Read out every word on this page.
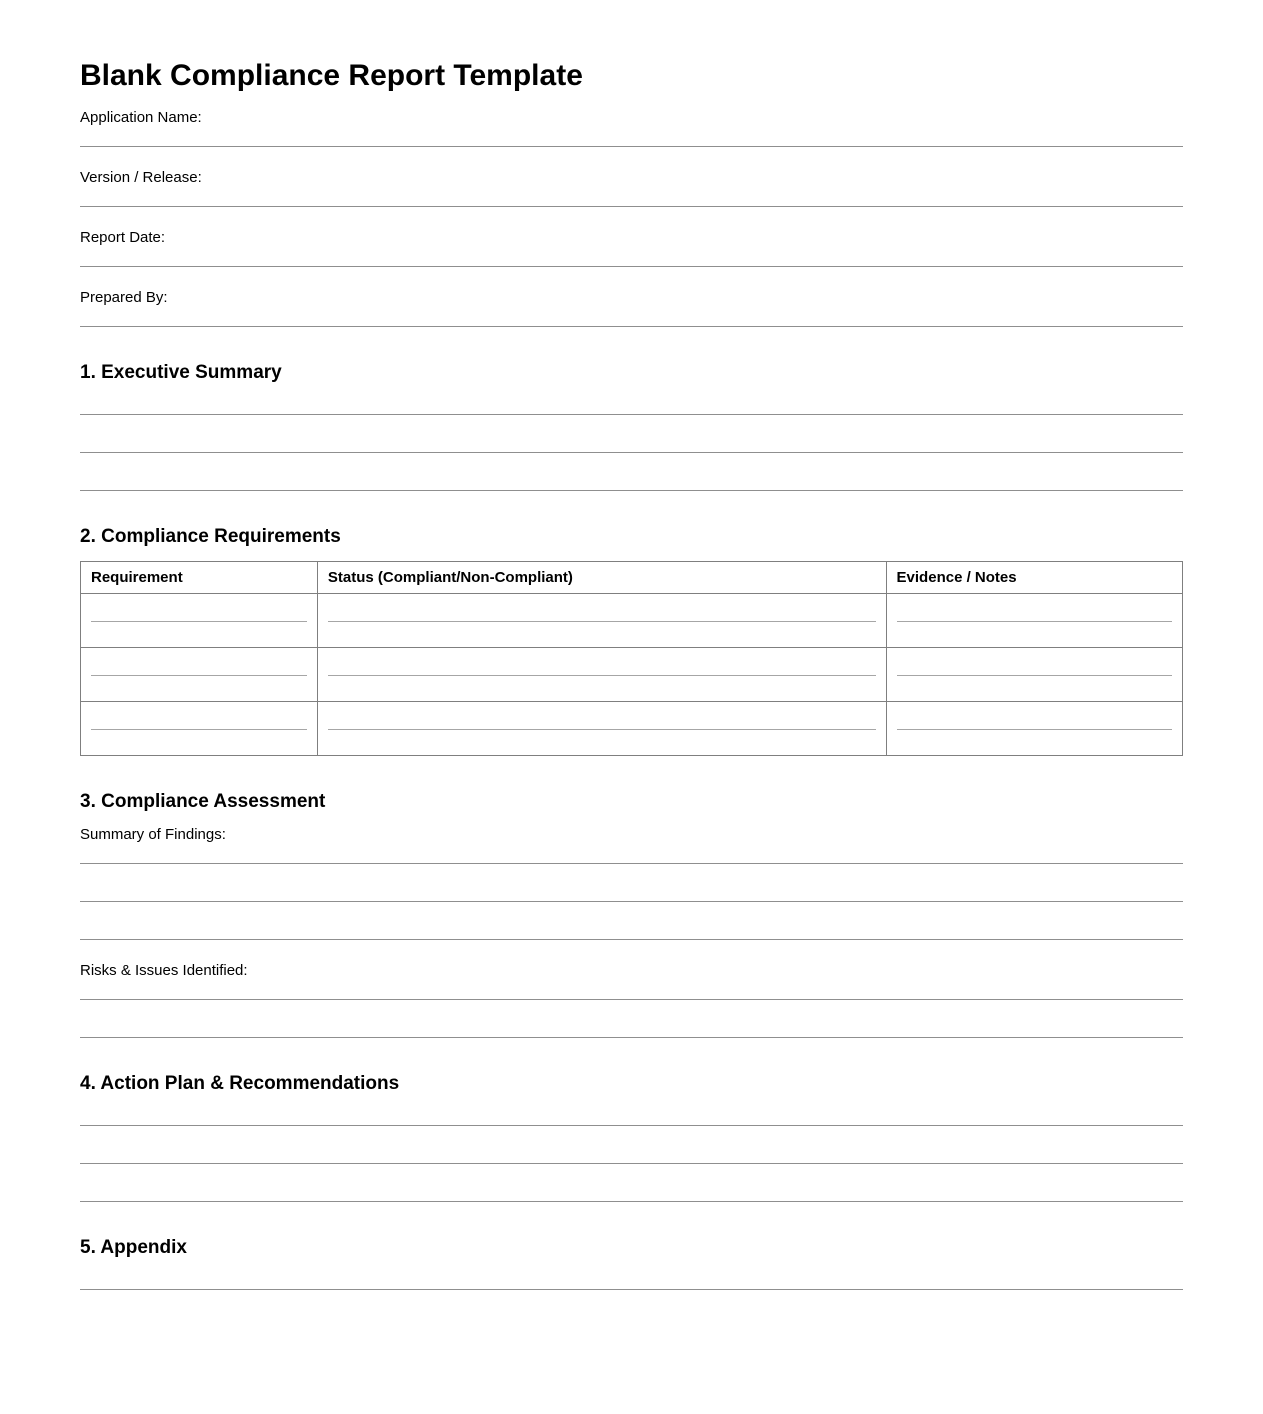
Blank Compliance Report Template
Application Name:
Version / Release:
Report Date:
Prepared By:
1. Executive Summary
2. Compliance Requirements
Requirement	Status (Compliant/Non-Compliant)	Evidence / Notes

3. Compliance Assessment
Summary of Findings:
Risks & Issues Identified:
4. Action Plan & Recommendations
5. Appendix
